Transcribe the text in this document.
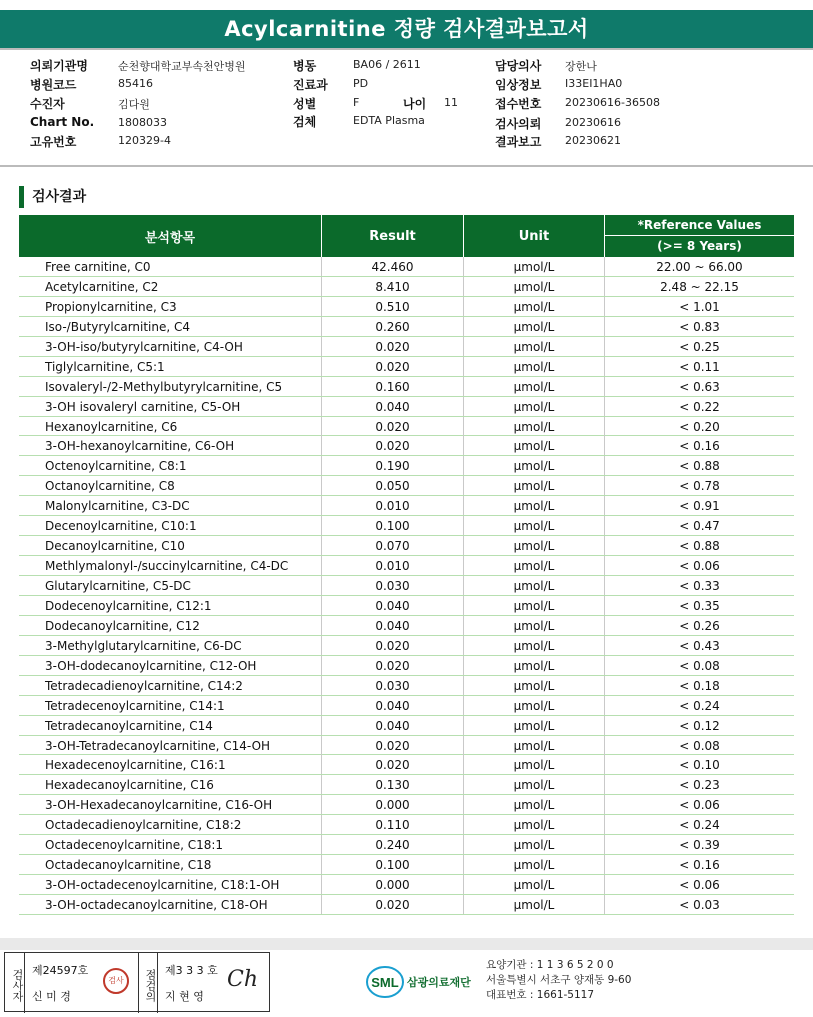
Acylcarnitine 정량 검사결과보고서
의뢰기관명	순천향대학교부속천안병원
병원코드	85416
수진자	김다원
Chart No. 1808033
고유번호	120329-4
병동	BA06 / 2611
진료과 PD
성별	F	나이 11
검체	EDTA Plasma
담당의사 장한나
임상정보 I33EI1HA0
접수번호 20230616-36508
검사의뢰 20230616
결과보고 20230621
검사결과
분석항목	Result	Unit
*Reference Values
(>= 8 Years)
Free carnitine, C0	42.460	μmol/L	22.00 ~ 66.00
Acetylcarnitine, C2	8.410	μmol/L	2.48 ~ 22.15
Propionylcarnitine, C3	0.510	μmol/L	< 1.01
Iso-/Butyrylcarnitine, C4	0.260	μmol/L	< 0.83
3-OH-iso/butyrylcarnitine, C4-OH	0.020	μmol/L	< 0.25
Tiglylcarnitine, C5:1	0.020	μmol/L	< 0.11
Isovaleryl-/2-Methylbutyrylcarnitine, C5	0.160	μmol/L	< 0.63
3-OH isovaleryl carnitine, C5-OH	0.040	μmol/L	< 0.22
Hexanoylcarnitine, C6	0.020	μmol/L	< 0.20
3-OH-hexanoylcarnitine, C6-OH	0.020	μmol/L	< 0.16
Octenoylcarnitine, C8:1	0.190	μmol/L	< 0.88
Octanoylcarnitine, C8	0.050	μmol/L	< 0.78
Malonylcarnitine, C3-DC	0.010	μmol/L	< 0.91
Decenoylcarnitine, C10:1	0.100	μmol/L	< 0.47
Decanoylcarnitine, C10	0.070	μmol/L	< 0.88
Methlymalonyl-/succinylcarnitine, C4-DC	0.010	μmol/L	< 0.06
Glutarylcarnitine, C5-DC	0.030	μmol/L	< 0.33
Dodecenoylcarnitine, C12:1	0.040	μmol/L	< 0.35
Dodecanoylcarnitine, C12	0.040	μmol/L	< 0.26
3-Methylglutarylcarnitine, C6-DC	0.020	μmol/L	< 0.43
3-OH-dodecanoylcarnitine, C12-OH	0.020	μmol/L	< 0.08
Tetradecadienoylcarnitine, C14:2	0.030	μmol/L	< 0.18
Tetradecenoylcarnitine, C14:1	0.040	μmol/L	< 0.24
Tetradecanoylcarnitine, C14	0.040	μmol/L	< 0.12
3-OH-Tetradecanoylcarnitine, C14-OH	0.020	μmol/L	< 0.08
Hexadecenoylcarnitine, C16:1	0.020	μmol/L	< 0.10
Hexadecanoylcarnitine, C16	0.130	μmol/L	< 0.23
3-OH-Hexadecanoylcarnitine, C16-OH	0.000	μmol/L	< 0.06
Octadecadienoylcarnitine, C18:2	0.110	μmol/L	< 0.24
Octadecenoylcarnitine, C18:1	0.240	μmol/L	< 0.39
Octadecanoylcarnitine, C18	0.100	μmol/L	< 0.16
3-OH-octadecenoylcarnitine, C18:1-OH	0.000	μmol/L	< 0.06
3-OH-octadecanoylcarnitine, C18-OH	0.020	μmol/L	< 0.03
검사자 제24597호
신 미 경
검사	점검의 제3 3 3 호
지 현 영
Ch	SML 삼광의료재단
요양기관 : 1 1 3 6 5 2 0 0
서울특별시 서초구 양재동 9-60
대표번호 : 1661-5117
